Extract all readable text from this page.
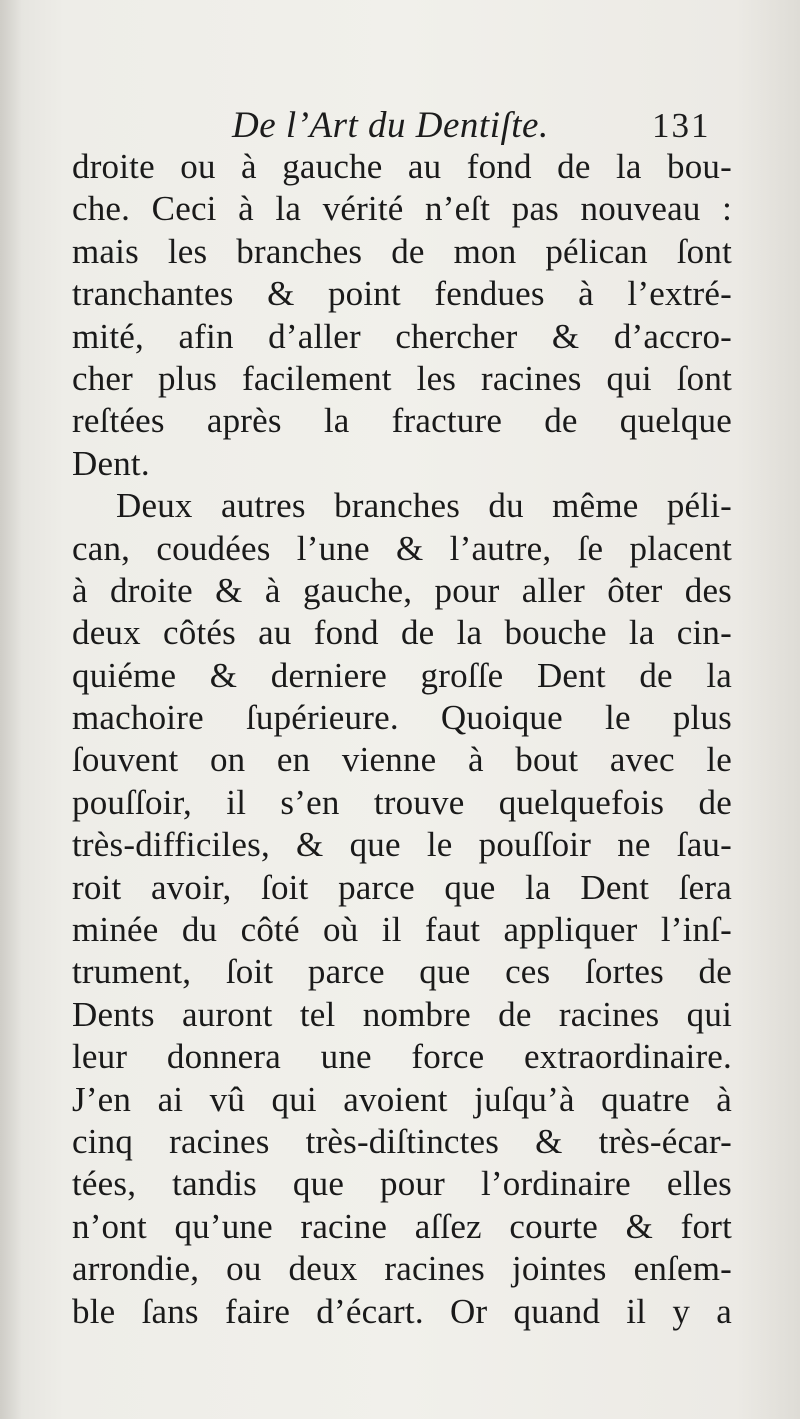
De l’Art du Dentiſte.	131
droite ou à gauche au fond de la bou-
che. Ceci à la vérité n’eſt pas nouveau :
mais les branches de mon pélican ſont
tranchantes & point fendues à l’extré-
mité, afin d’aller chercher & d’accro-
cher plus facilement les racines qui ſont
reſtées après la fracture de quelque
Dent.
Deux autres branches du même péli-
can, coudées l’une & l’autre, ſe placent
à droite & à gauche, pour aller ôter des
deux côtés au fond de la bouche la cin-
quiéme & derniere groſſe Dent de la
machoire ſupérieure. Quoique le plus
ſouvent on en vienne à bout avec le
pouſſoir, il s’en trouve quelquefois de
très-difficiles, & que le pouſſoir ne ſau-
roit avoir, ſoit parce que la Dent ſera
minée du côté où il faut appliquer l’inſ-
trument, ſoit parce que ces ſortes de
Dents auront tel nombre de racines qui
leur donnera une force extraordinaire.
J’en ai vû qui avoient juſqu’à quatre à
cinq racines très-diſtinctes & très-écar-
tées, tandis que pour l’ordinaire elles
n’ont qu’une racine aſſez courte & fort
arrondie, ou deux racines jointes enſem-
ble ſans faire d’écart. Or quand il y a
